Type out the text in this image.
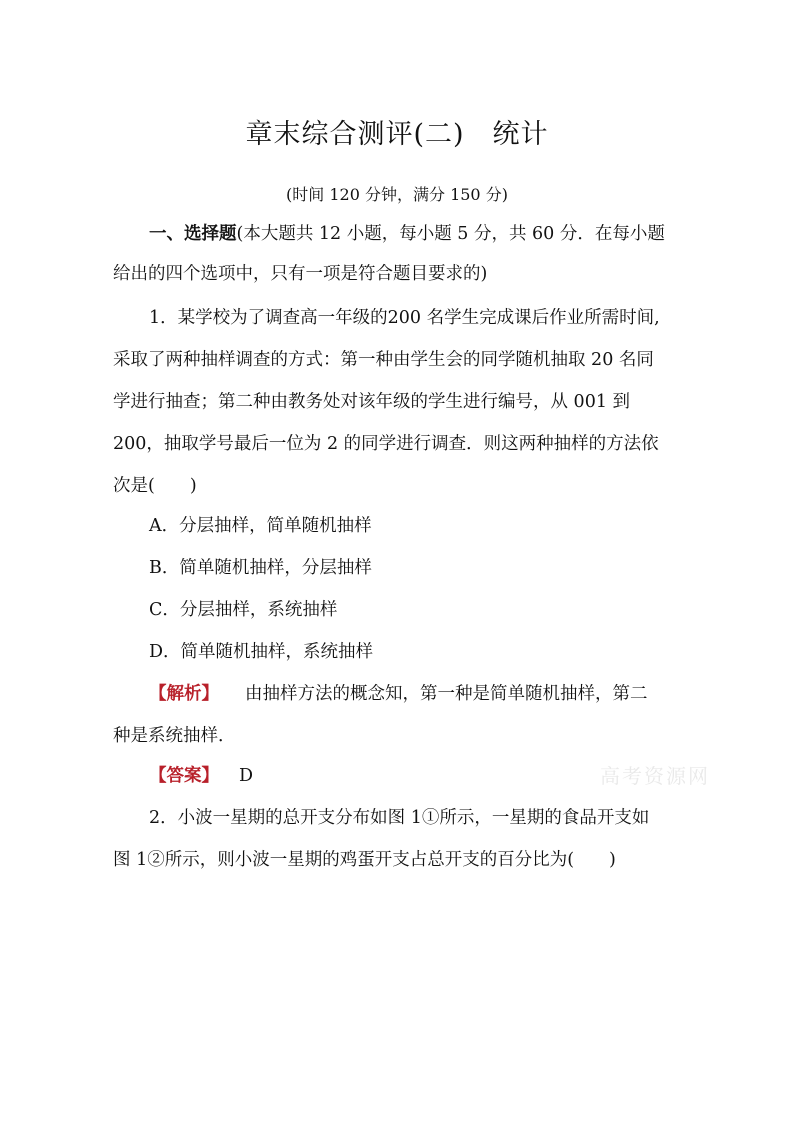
章末综合测评(二)　统计
(时间 120 分钟，满分 150 分)
一、选择题(本大题共 12 小题，每小题 5 分，共 60 分．在每小题
给出的四个选项中，只有一项是符合题目要求的)
1．某学校为了调查高一年级的200 名学生完成课后作业所需时间,
采取了两种抽样调查的方式：第一种由学生会的同学随机抽取 20 名同
学进行抽查；第二种由教务处对该年级的学生进行编号，从 001 到
200，抽取学号最后一位为 2 的同学进行调查．则这两种抽样的方法依
次是(　　)
A．分层抽样，简单随机抽样
B．简单随机抽样，分层抽样
C．分层抽样，系统抽样
D．简单随机抽样，系统抽样
【解析】 由抽样方法的概念知，第一种是简单随机抽样，第二
种是系统抽样．
【答案】 D
2．小波一星期的总开支分布如图 1①所示，一星期的食品开支如
图 1②所示，则小波一星期的鸡蛋开支占总开支的百分比为(　　)
高考资源网
